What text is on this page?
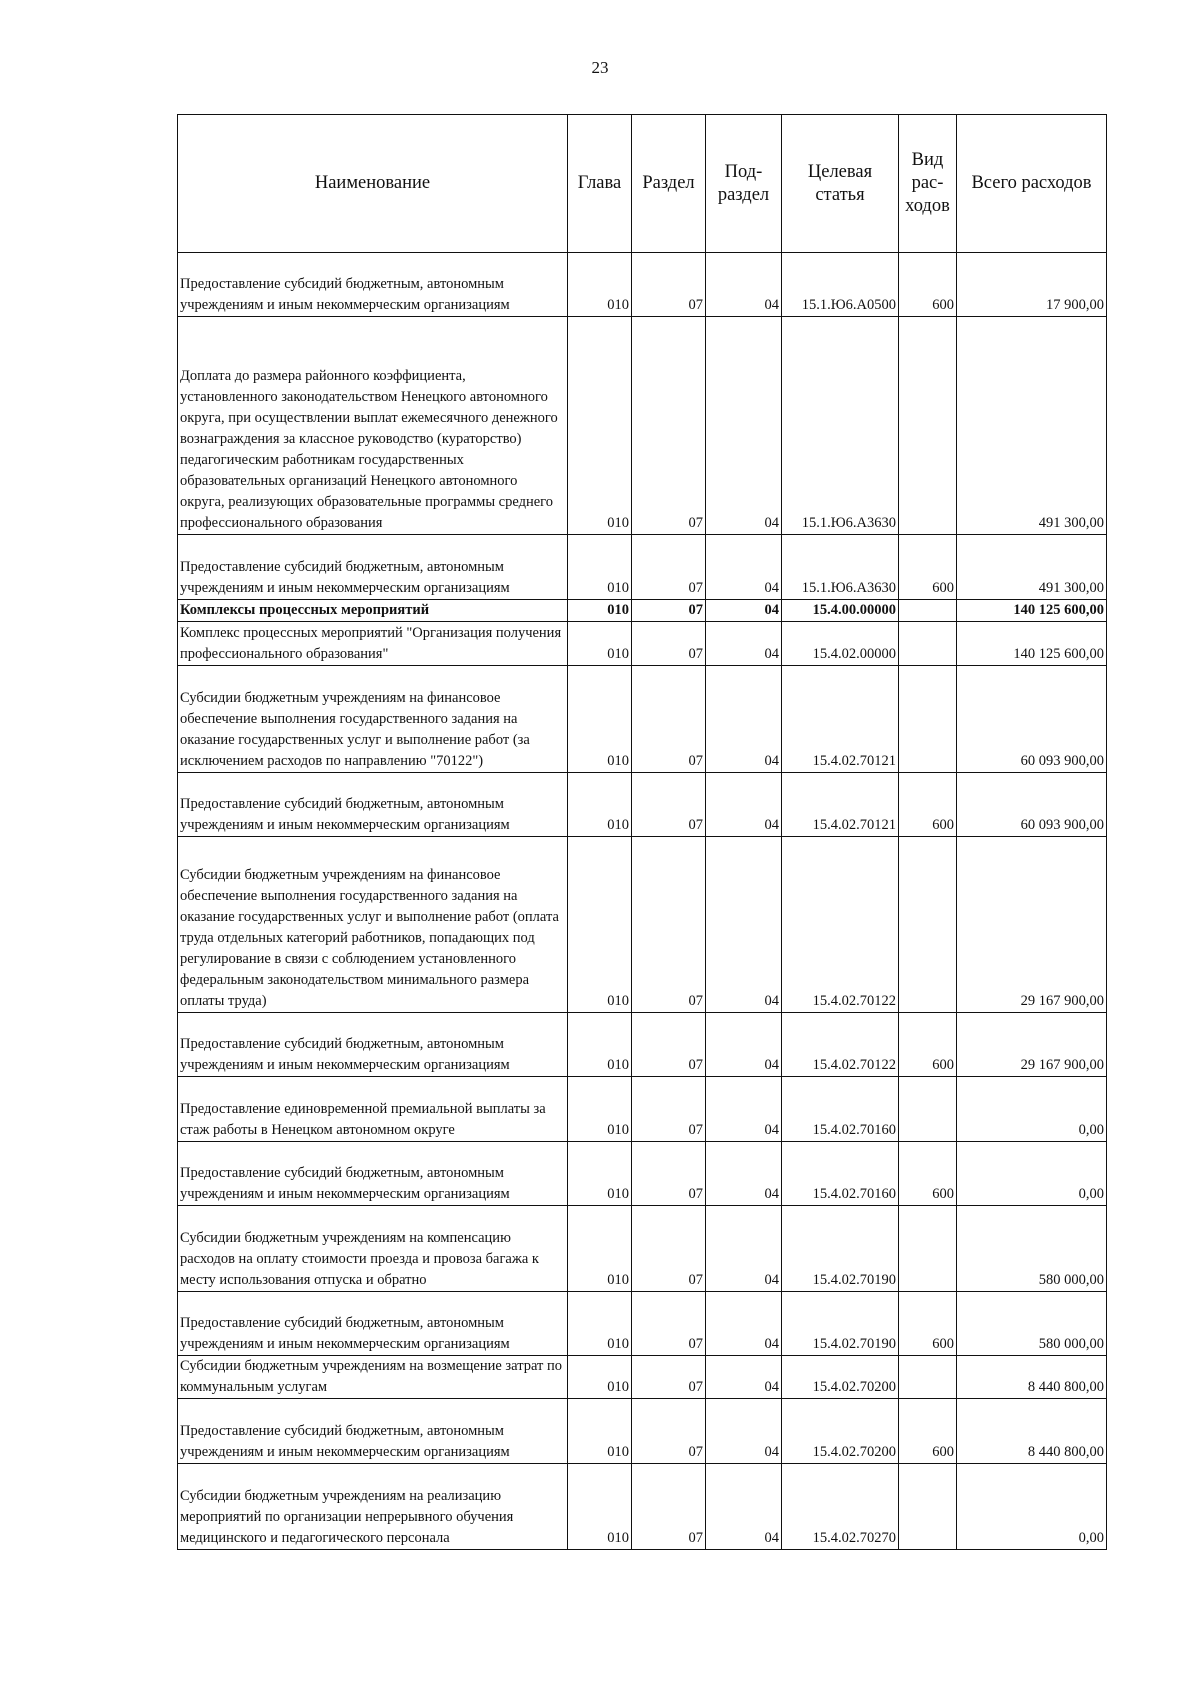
23
Наименование	Глава	Раздел	Под-раздел	Целевая статья	Вид рас-ходов	Всего расходов
Предоставление субсидий бюджетным, автономным учреждениям и иным некоммерческим организациям	010	07	04	15.1.Ю6.А0500	600	17 900,00
Доплата до размера районного коэффициента, установленного законодательством Ненецкого автономного округа, при осуществлении выплат ежемесячного денежного вознаграждения за классное руководство (кураторство) педагогическим работникам государственных образовательных организаций Ненецкого автономного округа, реализующих образовательные программы среднего профессионального образования	010	07	04	15.1.Ю6.А3630		491 300,00
Предоставление субсидий бюджетным, автономным учреждениям и иным некоммерческим организациям	010	07	04	15.1.Ю6.А3630	600	491 300,00
Комплексы процессных мероприятий	010	07	04	15.4.00.00000		140 125 600,00
Комплекс процессных мероприятий "Организация получения профессионального образования"	010	07	04	15.4.02.00000		140 125 600,00
Субсидии бюджетным учреждениям на финансовое обеспечение выполнения государственного задания на оказание государственных услуг и выполнение работ (за исключением расходов по направлению "70122")	010	07	04	15.4.02.70121		60 093 900,00
Предоставление субсидий бюджетным, автономным учреждениям и иным некоммерческим организациям	010	07	04	15.4.02.70121	600	60 093 900,00
Субсидии бюджетным учреждениям на финансовое обеспечение выполнения государственного задания на оказание государственных услуг и выполнение работ (оплата труда отдельных категорий работников, попадающих под регулирование в связи с соблюдением установленного федеральным законодательством минимального размера оплаты труда)	010	07	04	15.4.02.70122		29 167 900,00
Предоставление субсидий бюджетным, автономным учреждениям и иным некоммерческим организациям	010	07	04	15.4.02.70122	600	29 167 900,00
Предоставление единовременной премиальной выплаты за стаж работы в Ненецком автономном округе	010	07	04	15.4.02.70160		0,00
Предоставление субсидий бюджетным, автономным учреждениям и иным некоммерческим организациям	010	07	04	15.4.02.70160	600	0,00
Субсидии бюджетным учреждениям на компенсацию расходов на оплату стоимости проезда и провоза багажа к месту использования отпуска и обратно	010	07	04	15.4.02.70190		580 000,00
Предоставление субсидий бюджетным, автономным учреждениям и иным некоммерческим организациям	010	07	04	15.4.02.70190	600	580 000,00
Субсидии бюджетным учреждениям на возмещение затрат по коммунальным услугам	010	07	04	15.4.02.70200		8 440 800,00
Предоставление субсидий бюджетным, автономным учреждениям и иным некоммерческим организациям	010	07	04	15.4.02.70200	600	8 440 800,00
Субсидии бюджетным учреждениям на реализацию мероприятий по организации непрерывного обучения медицинского и педагогического персонала	010	07	04	15.4.02.70270		0,00
